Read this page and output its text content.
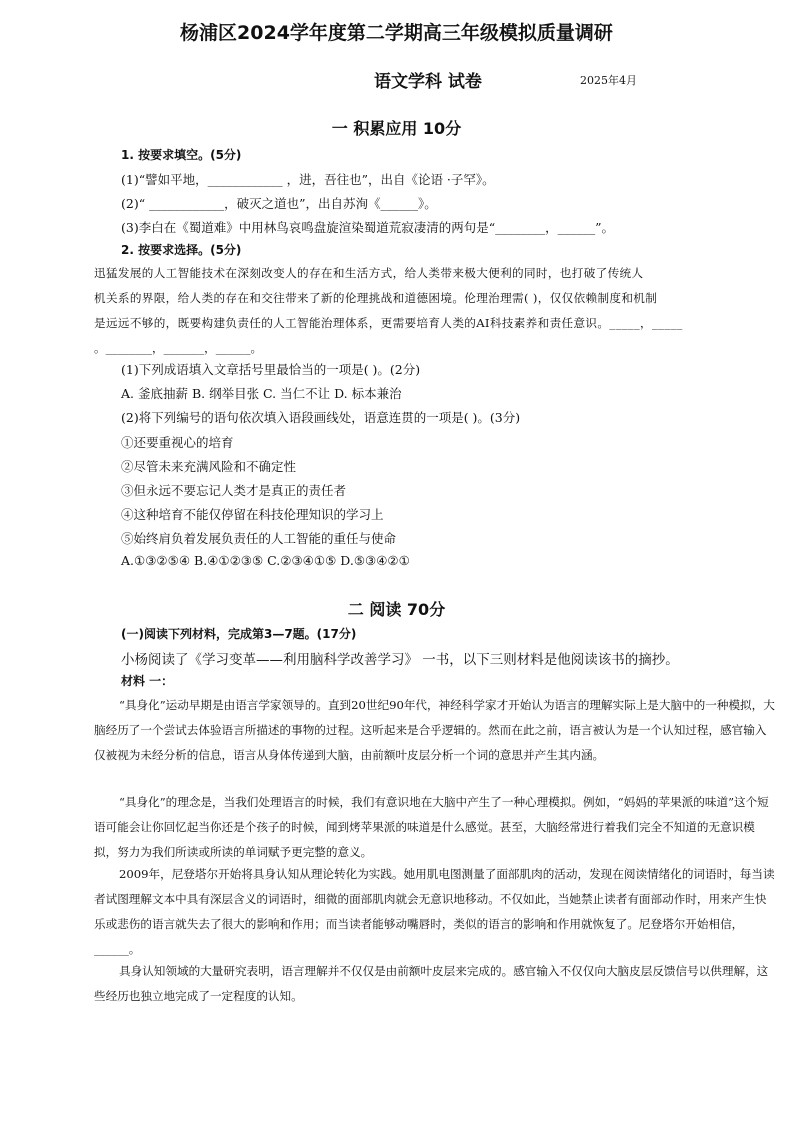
杨浦区2024学年度第二学期高三年级模拟质量调研
语文学科 试卷	2025年4月
一 积累应用 10分
1. 按要求填空。(5分)
(1)“譬如平地，____________ ，进，吾往也”，出自《论语 ·子罕》。
(2)“ ____________，破灭之道也”，出自苏洵《______》。
(3)李白在《蜀道难》中用林鸟哀鸣盘旋渲染蜀道荒寂凄清的两句是“________，______”。
2. 按要求选择。(5分)
迅猛发展的人工智能技术在深刻改变人的存在和生活方式，给人类带来极大便利的同时，也打破了传统人
机关系的界限，给人类的存在和交往带来了新的伦理挑战和道德困境。伦理治理需( )，仅仅依赖制度和机制
是远远不够的，既要构建负责任的人工智能治理体系，更需要培育人类的AI科技素养和责任意识。_____，_____
。________，_______，______。
(1)下列成语填入文章括号里最恰当的一项是( )。(2分)
A. 釜底抽薪 B. 纲举目张 C. 当仁不让 D. 标本兼治
(2)将下列编号的语句依次填入语段画线处，语意连贯的一项是( )。(3分)
①还要重视心的培育
②尽管未来充满风险和不确定性
③但永远不要忘记人类才是真正的责任者
④这种培育不能仅停留在科技伦理知识的学习上
⑤始终肩负着发展负责任的人工智能的重任与使命
A.①③②⑤④ B.④①②③⑤ C.②③④①⑤ D.⑤③④②①
二 阅读 70分
(一)阅读下列材料，完成第3—7题。(17分)
小杨阅读了《学习变革——利用脑科学改善学习》 一书，以下三则材料是他阅读该书的摘抄。
材料 一：
“具身化”运动早期是由语言学家领导的。直到20世纪90年代，神经科学家才开始认为语言的理解实际上是大脑中的一种模拟，大脑经历了一个尝试去体验语言所描述的事物的过程。这听起来是合乎逻辑的。然而在此之前，语言被认为是一个认知过程，感官输入仅被视为未经分析的信息，语言从身体传递到大脑，由前额叶皮层分析一个词的意思并产生其内涵。
“具身化”的理念是，当我们处理语言的时候，我们有意识地在大脑中产生了一种心理模拟。例如，“妈妈的苹果派的味道”这个短语可能会让你回忆起当你还是个孩子的时候，闻到烤苹果派的味道是什么感觉。甚至，大脑经常进行着我们完全不知道的无意识模拟，努力为我们所读或所读的单词赋予更完整的意义。
2009年，尼登塔尔开始将具身认知从理论转化为实践。她用肌电图测量了面部肌肉的活动，发现在阅读情绪化的词语时，每当读者试图理解文本中具有深层含义的词语时，细微的面部肌肉就会无意识地移动。不仅如此，当她禁止读者有面部动作时，用来产生快乐或悲伤的语言就失去了很大的影响和作用；而当读者能够动嘴唇时，类似的语言的影响和作用就恢复了。尼登塔尔开始相信，______。
具身认知领域的大量研究表明，语言理解并不仅仅是由前额叶皮层来完成的。感官输入不仅仅向大脑皮层反馈信号以供理解，这些经历也独立地完成了一定程度的认知。
